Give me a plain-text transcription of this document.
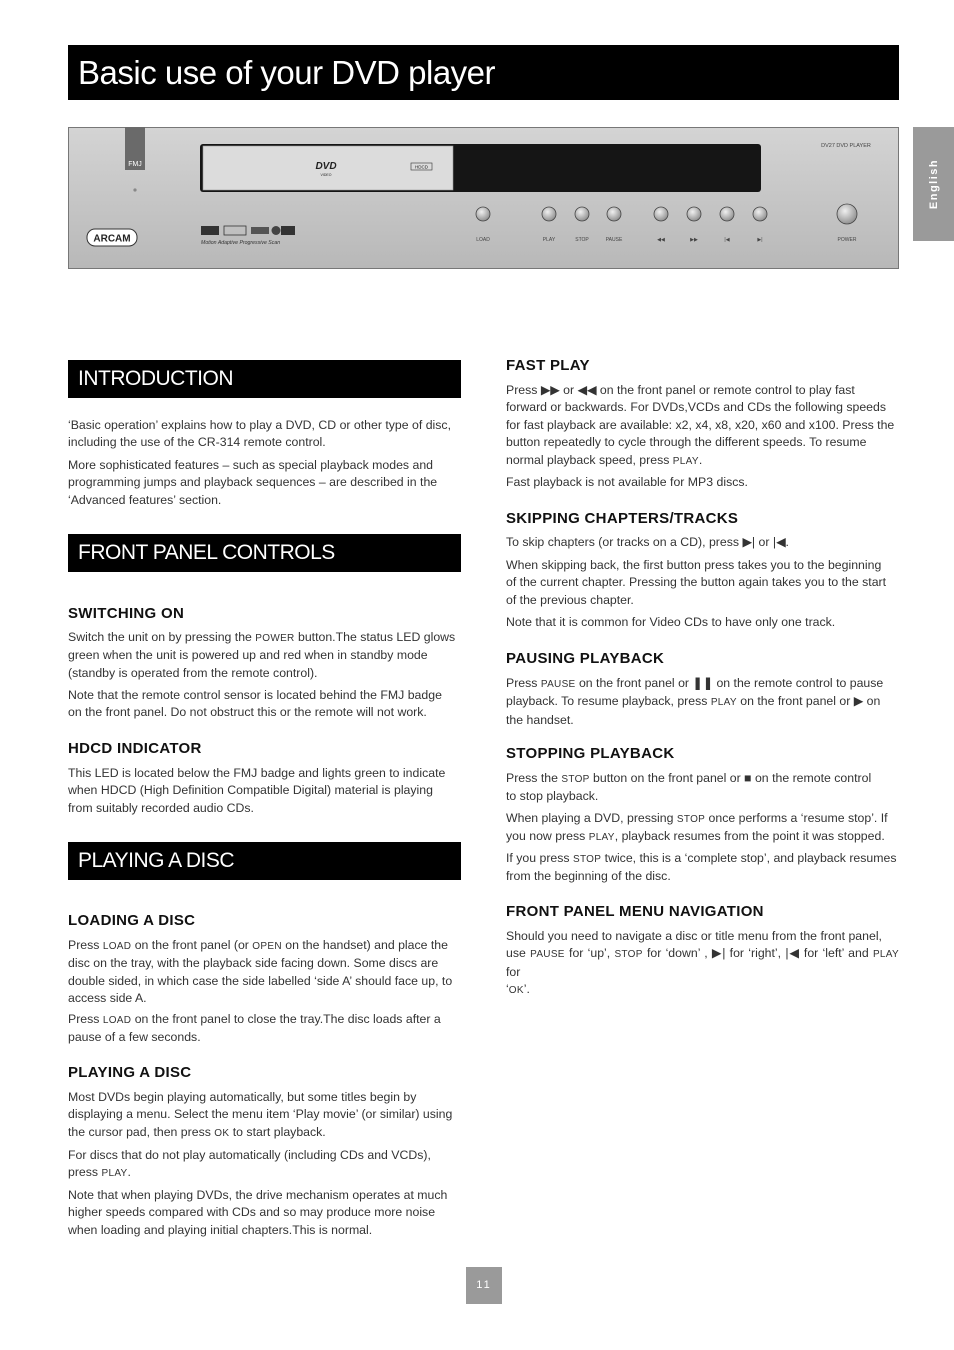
Basic use of your DVD player
English
FMJ	DVD
VIDEO
HDCD
DV27 DVD PLAYER
ARCAM	Motion Adaptive Progressive Scan	LOAD	PLAY	STOP	PAUSE	◀◀	▶▶	|◀	▶|	POWER
INTRODUCTION
‘Basic operation’ explains how to play a DVD, CD or other type of disc,
including the use of the CR-314 remote control.
More sophisticated features – such as special playback modes and
programming jumps and playback sequences – are described in the
‘Advanced features’ section.
FRONT PANEL CONTROLS
SWITCHING ON
Switch the unit on by pressing the POWER button.The status LED glows
green when the unit is powered up and red when in standby mode
(standby is operated from the remote control).
Note that the remote control sensor is located behind the FMJ badge
on the front panel. Do not obstruct this or the remote will not work.
HDCD INDICATOR
This LED is located below the FMJ badge and lights green to indicate
when HDCD (High Definition Compatible Digital) material is playing
from suitably recorded audio CDs.
PLAYING A DISC
LOADING A DISC
Press LOAD on the front panel (or OPEN on the handset) and place the
disc on the tray, with the playback side facing down. Some discs are
double sided, in which case the side labelled ‘side A’ should face up, to
access side A.
Press LOAD on the front panel to close the tray.The disc loads after a
pause of a few seconds.
PLAYING A DISC
Most DVDs begin playing automatically, but some titles begin by
displaying a menu. Select the menu item ‘Play movie’ (or similar) using
the cursor pad, then press OK to start playback.
For discs that do not play automatically (including CDs and VCDs),
press PLAY.
Note that when playing DVDs, the drive mechanism operates at much
higher speeds compared with CDs and so may produce more noise
when loading and playing initial chapters.This is normal.
FAST PLAY
Press ▶▶ or ◀◀ on the front panel or remote control to play fast
forward or backwards. For DVDs,VCDs and CDs the following speeds
for fast playback are available: x2, x4, x8, x20, x60 and x100. Press the
button repeatedly to cycle through the different speeds. To resume
normal playback speed, press PLAY.
Fast playback is not available for MP3 discs.
SKIPPING CHAPTERS/TRACKS
To skip chapters (or tracks on a CD), press ▶| or |◀.
When skipping back, the first button press takes you to the beginning
of the current chapter. Pressing the button again takes you to the start
of the previous chapter.
Note that it is common for Video CDs to have only one track.
PAUSING PLAYBACK
Press PAUSE on the front panel or ❚❚ on the remote control to pause
playback. To resume playback, press PLAY on the front panel or ▶ on
the handset.
STOPPING PLAYBACK
Press the STOP button on the front panel or ■ on the remote control
to stop playback.
When playing a DVD, pressing STOP once performs a ‘resume stop’. If
you now press PLAY, playback resumes from the point it was stopped.
If you press STOP twice, this is a ‘complete stop’, and playback resumes
from the beginning of the disc.
FRONT PANEL MENU NAVIGATION
Should you need to navigate a disc or title menu from the front panel,
use PAUSE for ‘up’, STOP for ‘down’ , ▶| for ‘right’, |◀ for ‘left’ and PLAY for
‘OK’.
11
